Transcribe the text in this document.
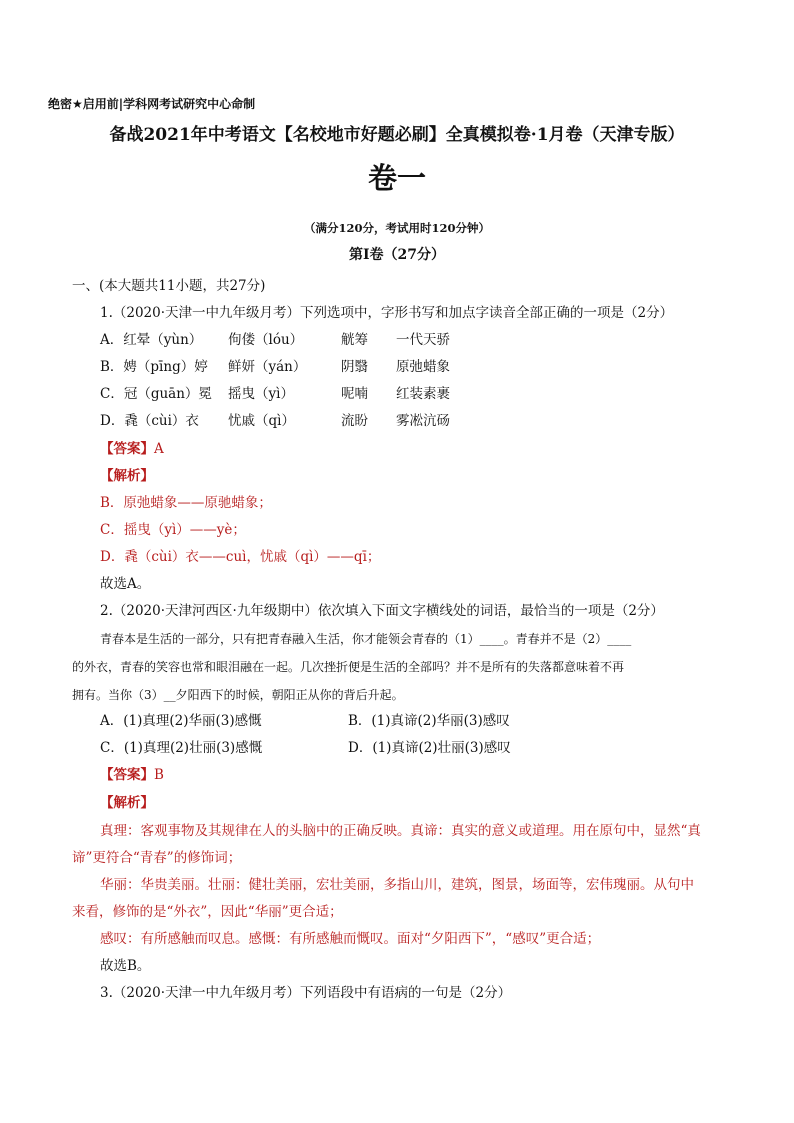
绝密★启用前|学科网考试研究中心命制
备战2021年中考语文【名校地市好题必刷】全真模拟卷·1月卷（天津专版）
卷一
（满分120分，考试用时120分钟）
第Ⅰ卷（27分）
一、(本大题共11小题，共27分)
1.（2020·天津一中九年级月考）下列选项中，字形书写和加点字读音全部正确的一项是（2分）
A．红晕（yùn） 佝偻（lóu）	觥筹 一代天骄
B．娉（pīng）婷 鲜妍（yán）	阴翳 原弛蜡象
C．冠（guān）冕 摇曳（yì）	呢喃 红装素裹
D．毳（cùi）衣 忧戚（qì）	流盼 雾凇沆砀
【答案】A
【解析】
B．原弛蜡象——原驰蜡象；
C．摇曳（yì）——yè；
D．毳（cùi）衣——cuì，忧戚（qì）——qī；
故选A。
2.（2020·天津河西区·九年级期中）依次填入下面文字横线处的词语，最恰当的一项是（2分）
青春本是生活的一部分，只有把青春融入生活，你才能领会青春的（1）____。青春并不是（2）____
的外衣，青春的笑容也常和眼泪融在一起。几次挫折便是生活的全部吗？并不是所有的失落都意味着不再
拥有。当你（3）__夕阳西下的时候，朝阳正从你的背后升起。
A．(1)真理(2)华丽(3)感慨	B．(1)真谛(2)华丽(3)感叹
C．(1)真理(2)壮丽(3)感慨	D．(1)真谛(2)壮丽(3)感叹
【答案】B
【解析】
真理：客观事物及其规律在人的头脑中的正确反映。真谛：真实的意义或道理。用在原句中，显然“真
谛”更符合“青春”的修饰词；
华丽：华贵美丽。壮丽：健壮美丽，宏壮美丽，多指山川，建筑，图景，场面等，宏伟瑰丽。从句中
来看，修饰的是“外衣”，因此“华丽”更合适；
感叹：有所感触而叹息。感慨：有所感触而慨叹。面对“夕阳西下”，“感叹”更合适；
故选B。
3.（2020·天津一中九年级月考）下列语段中有语病的一句是（2分）
